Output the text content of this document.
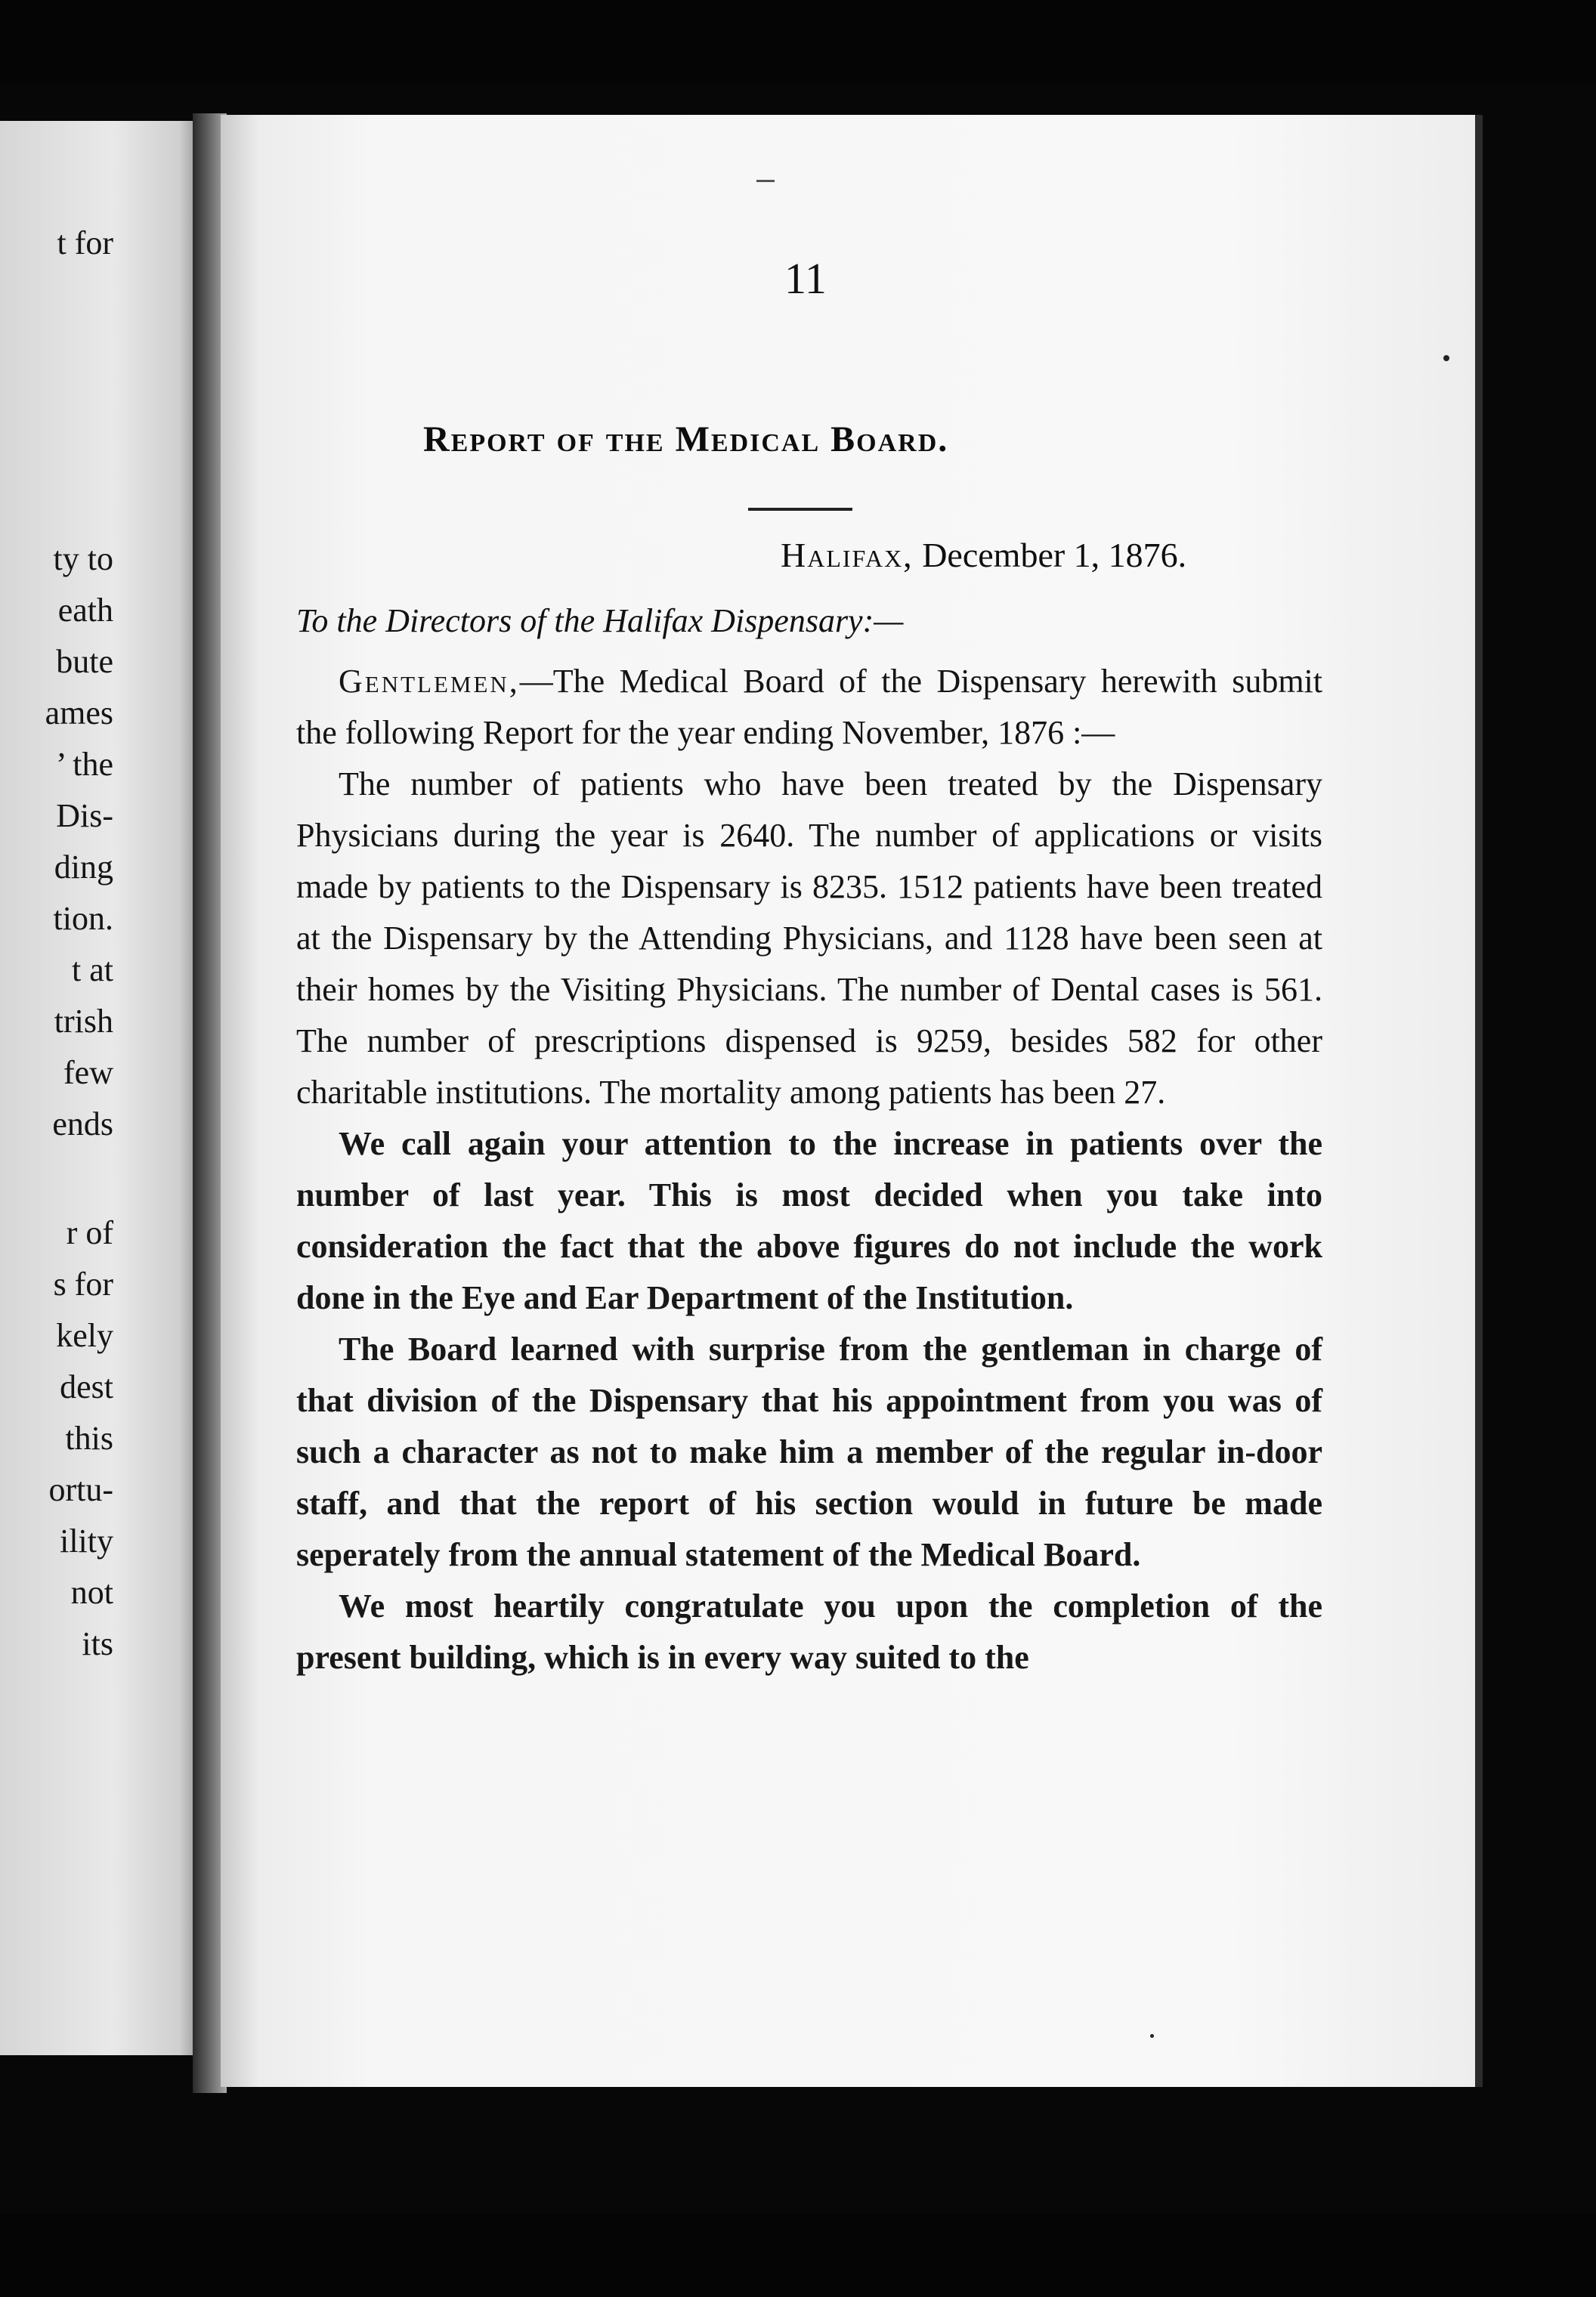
t for
ty to
eath
bute
ames
’ the
Dis-
ding
tion.
t at
trish
few
ends
r of
s for
kely
dest
this
ortu-
ility
not
its
11
Report of the Medical Board.
Halifax, December 1, 1876.
To the Directors of the Halifax Dispensary:—

Gentlemen,—The Medical Board of the Dispensary herewith submit the following Report for the year ending November, 1876 :—

The number of patients who have been treated by the Dispensary Physicians during the year is 2640. The number of applications or visits made by patients to the Dispensary is 8235. 1512 patients have been treated at the Dispensary by the Attending Physicians, and 1128 have been seen at their homes by the Visiting Physicians. The number of Dental cases is 561. The number of prescriptions dispensed is 9259, besides 582 for other charitable institutions. The mortality among patients has been 27.

We call again your attention to the increase in patients over the number of last year. This is most decided when you take into consideration the fact that the above figures do not include the work done in the Eye and Ear Department of the Institution.

The Board learned with surprise from the gentleman in charge of that division of the Dispensary that his appointment from you was of such a character as not to make him a member of the regular in-door staff, and that the report of his section would in future be made seperately from the annual statement of the Medical Board.

We most heartily congratulate you upon the completion of the present building, which is in every way suited to the
